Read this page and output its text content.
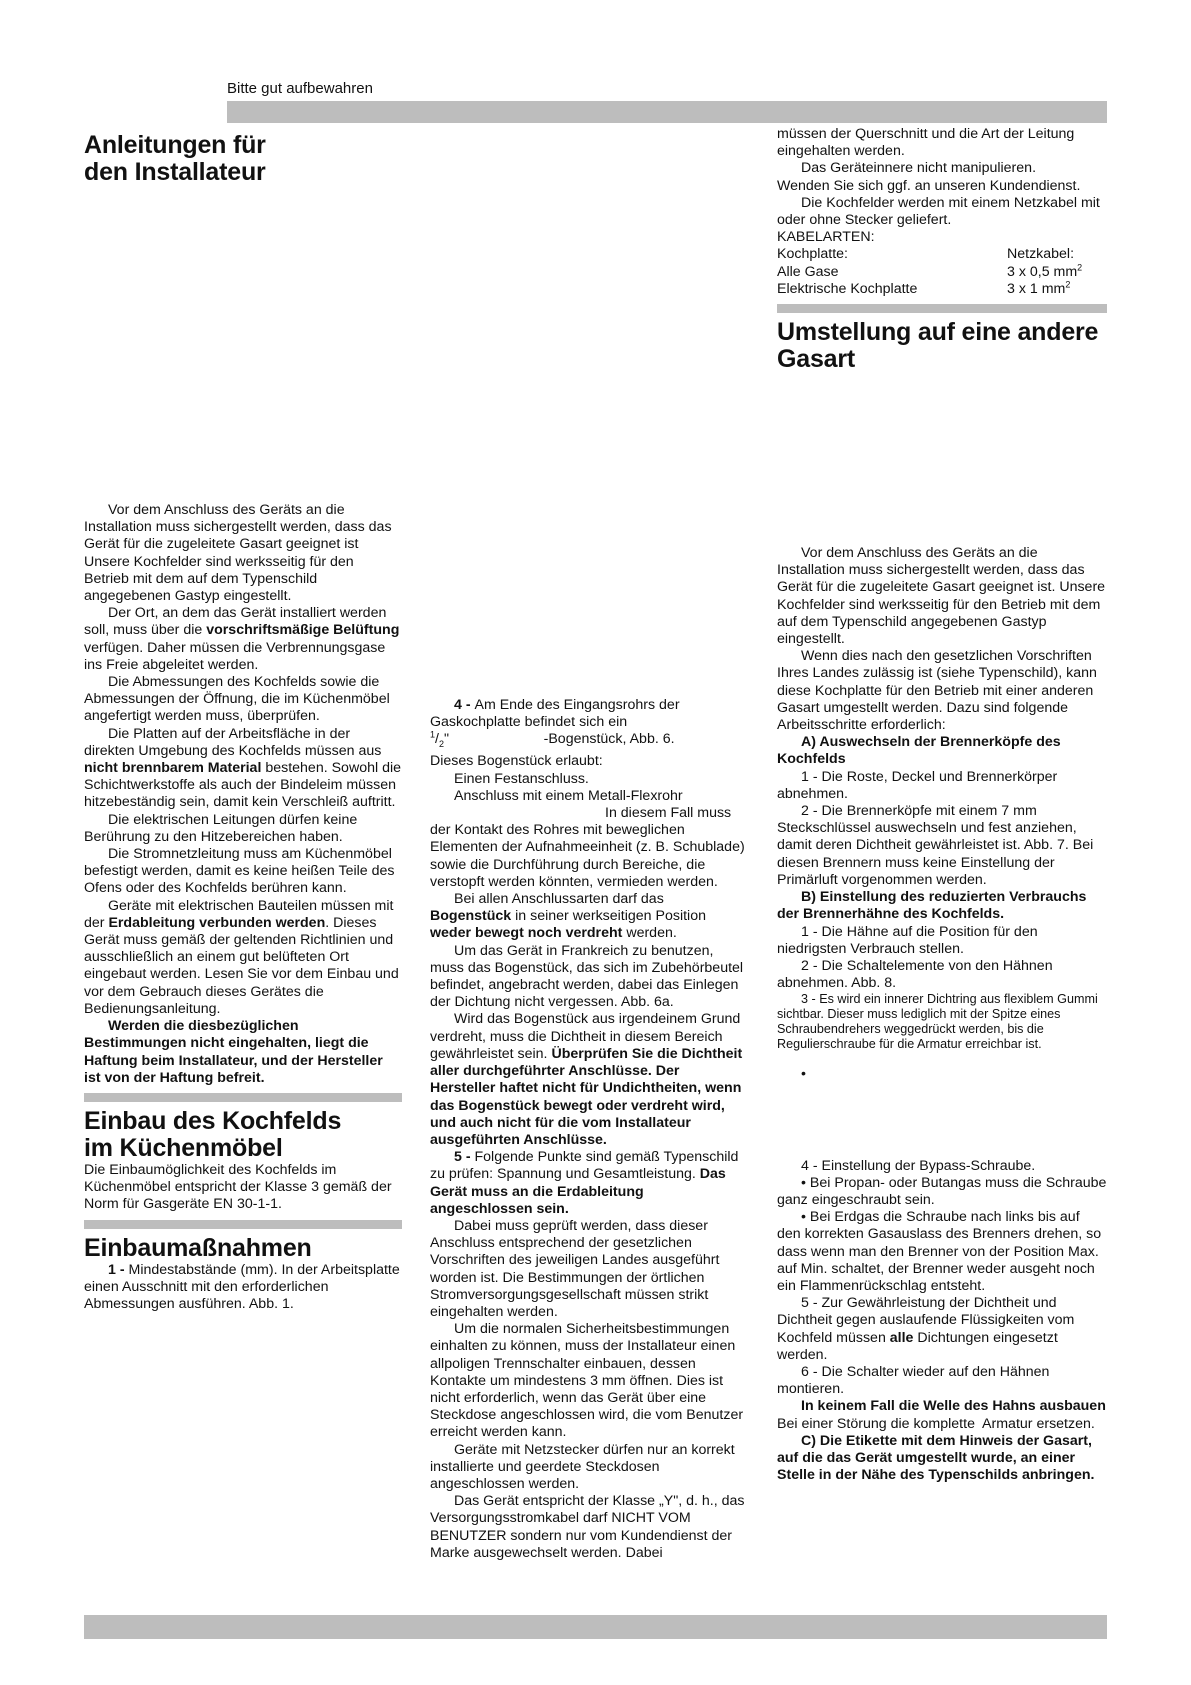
Bitte gut aufbewahren

Anleitungen für den Installateur

Vor dem Anschluss des Geräts an die Installation muss sichergestellt werden, dass das Gerät für die zugeleitete Gasart geeignet ist                     Unsere Kochfelder sind werksseitig für den   Betrieb mit dem auf dem Typenschild angegebenen Gastyp eingestellt.

Der Ort, an dem das Gerät installiert werden soll, muss über die vorschriftsmäßige Belüftung verfügen. Daher müssen die Verbrennungsgase ins Freie abgeleitet werden.

Die Abmessungen des Kochfelds sowie die Abmessungen der Öffnung, die im Küchenmöbel angefertigt werden muss, überprüfen.

Die Platten auf der Arbeitsfläche in der direkten Umgebung des Kochfelds müssen aus nicht brennbarem Material bestehen. Sowohl die Schichtwerkstoffe als auch der Bindeleim müssen hitzebeständig sein, damit kein Verschleiß auftritt.

Die elektrischen Leitungen dürfen keine Berührung zu den Hitzebereichen haben.

Die Stromnetzleitung muss am Küchenmöbel befestigt werden, damit es keine heißen Teile des Ofens oder des Kochfelds berühren kann.

Geräte mit elektrischen Bauteilen müssen mit der Erdableitung verbunden werden. Dieses Gerät muss gemäß der geltenden Richtlinien und ausschließlich an einem gut belüfteten Ort eingebaut werden. Lesen Sie vor dem Einbau und vor dem Gebrauch dieses Gerätes die Bedienungsanleitung.

Werden die diesbezüglichen Bestimmungen nicht eingehalten, liegt die Haftung beim Installateur, und der Hersteller ist von der Haftung befreit.

Einbau des Kochfelds im Küchenmöbel

Die Einbaumöglichkeit des Kochfelds im Küchenmöbel entspricht der Klasse 3 gemäß der Norm für Gasgeräte EN 30-1-1.

Einbaumaßnahmen

1 - Mindestabstände (mm). In der Arbeitsplatte einen Ausschnitt mit den erforderlichen Abmessungen ausführen. Abb. 1.

4 - Am Ende des Eingangsrohrs der Gaskochplatte befindet sich ein

$^1/_2$"                        -Bogenstück, Abb. 6.

Dieses Bogenstück erlaubt:

Einen Festanschluss.

Anschluss mit einem Metall-Flexrohr

In diesem Fall muss der Kontakt des Rohres mit beweglichen Elementen der Aufnahmeeinheit (z. B. Schublade) sowie die Durchführung durch Bereiche, die verstopft werden könnten, vermieden werden.

Bei allen Anschlussarten darf das Bogenstück in seiner werkseitigen Position weder bewegt noch verdreht werden.

Um das Gerät in Frankreich zu benutzen, muss das Bogenstück, das sich im Zubehörbeutel befindet, angebracht werden, dabei das Einlegen der Dichtung nicht vergessen. Abb. 6a.

Wird das Bogenstück aus irgendeinem Grund verdreht, muss die Dichtheit in diesem Bereich gewährleistet sein. Überprüfen Sie die Dichtheit aller durchgeführter Anschlüsse. Der Hersteller haftet nicht für Undichtheiten, wenn das Bogenstück bewegt oder verdreht wird, und auch nicht für die vom Installateur ausgeführten Anschlüsse.

5 - Folgende Punkte sind gemäß Typenschild zu prüfen: Spannung und Gesamtleistung. Das Gerät muss an die Erdableitung angeschlossen sein.

Dabei muss geprüft werden, dass dieser Anschluss entsprechend der gesetzlichen Vorschriften des jeweiligen Landes ausgeführt worden ist. Die Bestimmungen der örtlichen Stromversorgungsgesellschaft müssen strikt eingehalten werden.

Um die normalen Sicherheitsbestimmungen einhalten zu können, muss der Installateur einen allpoligen Trennschalter einbauen, dessen Kontakte um mindestens 3 mm öffnen. Dies ist nicht erforderlich, wenn das Gerät über eine Steckdose angeschlossen wird, die vom Benutzer erreicht werden kann.

Geräte mit Netzstecker dürfen nur an korrekt installierte und geerdete Steckdosen angeschlossen werden.

Das Gerät entspricht der Klasse „Y", d. h., das Versorgungsstromkabel darf NICHT VOM BENUTZER sondern nur vom Kundendienst der Marke ausgewechselt werden. Dabei

müssen der Querschnitt und die Art der Leitung eingehalten werden.

Das Geräteinnere nicht manipulieren.

Wenden Sie sich ggf. an unseren Kundendienst.

Die Kochfelder werden mit einem Netzkabel mit oder ohne Stecker geliefert.

KABELARTEN:

Kochplatte:	Netzkabel:
Alle Gase	3 x 0,5 $mm^2$
Elektrische Kochplatte	3 x 1 $mm^2$

Umstellung auf eine andere Gasart

Vor dem Anschluss des Geräts an die Installation muss sichergestellt werden, dass das Gerät für die zugeleitete Gasart geeignet ist. Unsere Kochfelder sind werksseitig für den Betrieb mit dem auf dem Typenschild angegebenen Gastyp eingestellt.

Wenn dies nach den gesetzlichen Vorschriften Ihres Landes zulässig ist (siehe Typenschild), kann diese Kochplatte für den Betrieb mit einer anderen Gasart umgestellt werden. Dazu sind folgende Arbeitsschritte erforderlich:

A) Auswechseln der Brennerköpfe des Kochfelds

1 - Die Roste, Deckel und Brennerkörper abnehmen.

2 - Die Brennerköpfe mit einem 7 mm Steckschlüssel auswechseln und fest anziehen, damit deren Dichtheit gewährleistet ist. Abb. 7. Bei diesen Brennern muss keine Einstellung der Primärluft vorgenommen werden.

B) Einstellung des reduzierten Verbrauchs der Brennerhähne des Kochfelds.

1 - Die Hähne auf die Position für den niedrigsten Verbrauch stellen.

2 - Die Schaltelemente von den Hähnen abnehmen. Abb. 8.

3 - Es wird ein innerer Dichtring aus flexiblem Gummi sichtbar. Dieser muss lediglich mit der Spitze eines Schraubendrehers weggedrückt werden, bis die Regulierschraube für die Armatur erreichbar ist.

•

4 - Einstellung der Bypass-Schraube.

• Bei Propan- oder Butangas muss die Schraube ganz eingeschraubt sein.

• Bei Erdgas die Schraube nach links bis auf den korrekten Gasauslass des Brenners drehen, so dass wenn man den Brenner von der Position Max. auf Min. schaltet, der Brenner weder ausgeht noch ein Flammenrückschlag entsteht.

5 - Zur Gewährleistung der Dichtheit und Dichtheit gegen auslaufende Flüssigkeiten vom Kochfeld müssen alle Dichtungen eingesetzt werden.

6 - Die Schalter wieder auf den Hähnen montieren.

In keinem Fall die Welle des Hahns ausbauen               Bei einer Störung die komplette  Armatur ersetzen.

C) Die Etikette mit dem Hinweis der Gasart, auf die das Gerät umgestellt wurde, an einer Stelle in der Nähe des Typenschilds anbringen.
